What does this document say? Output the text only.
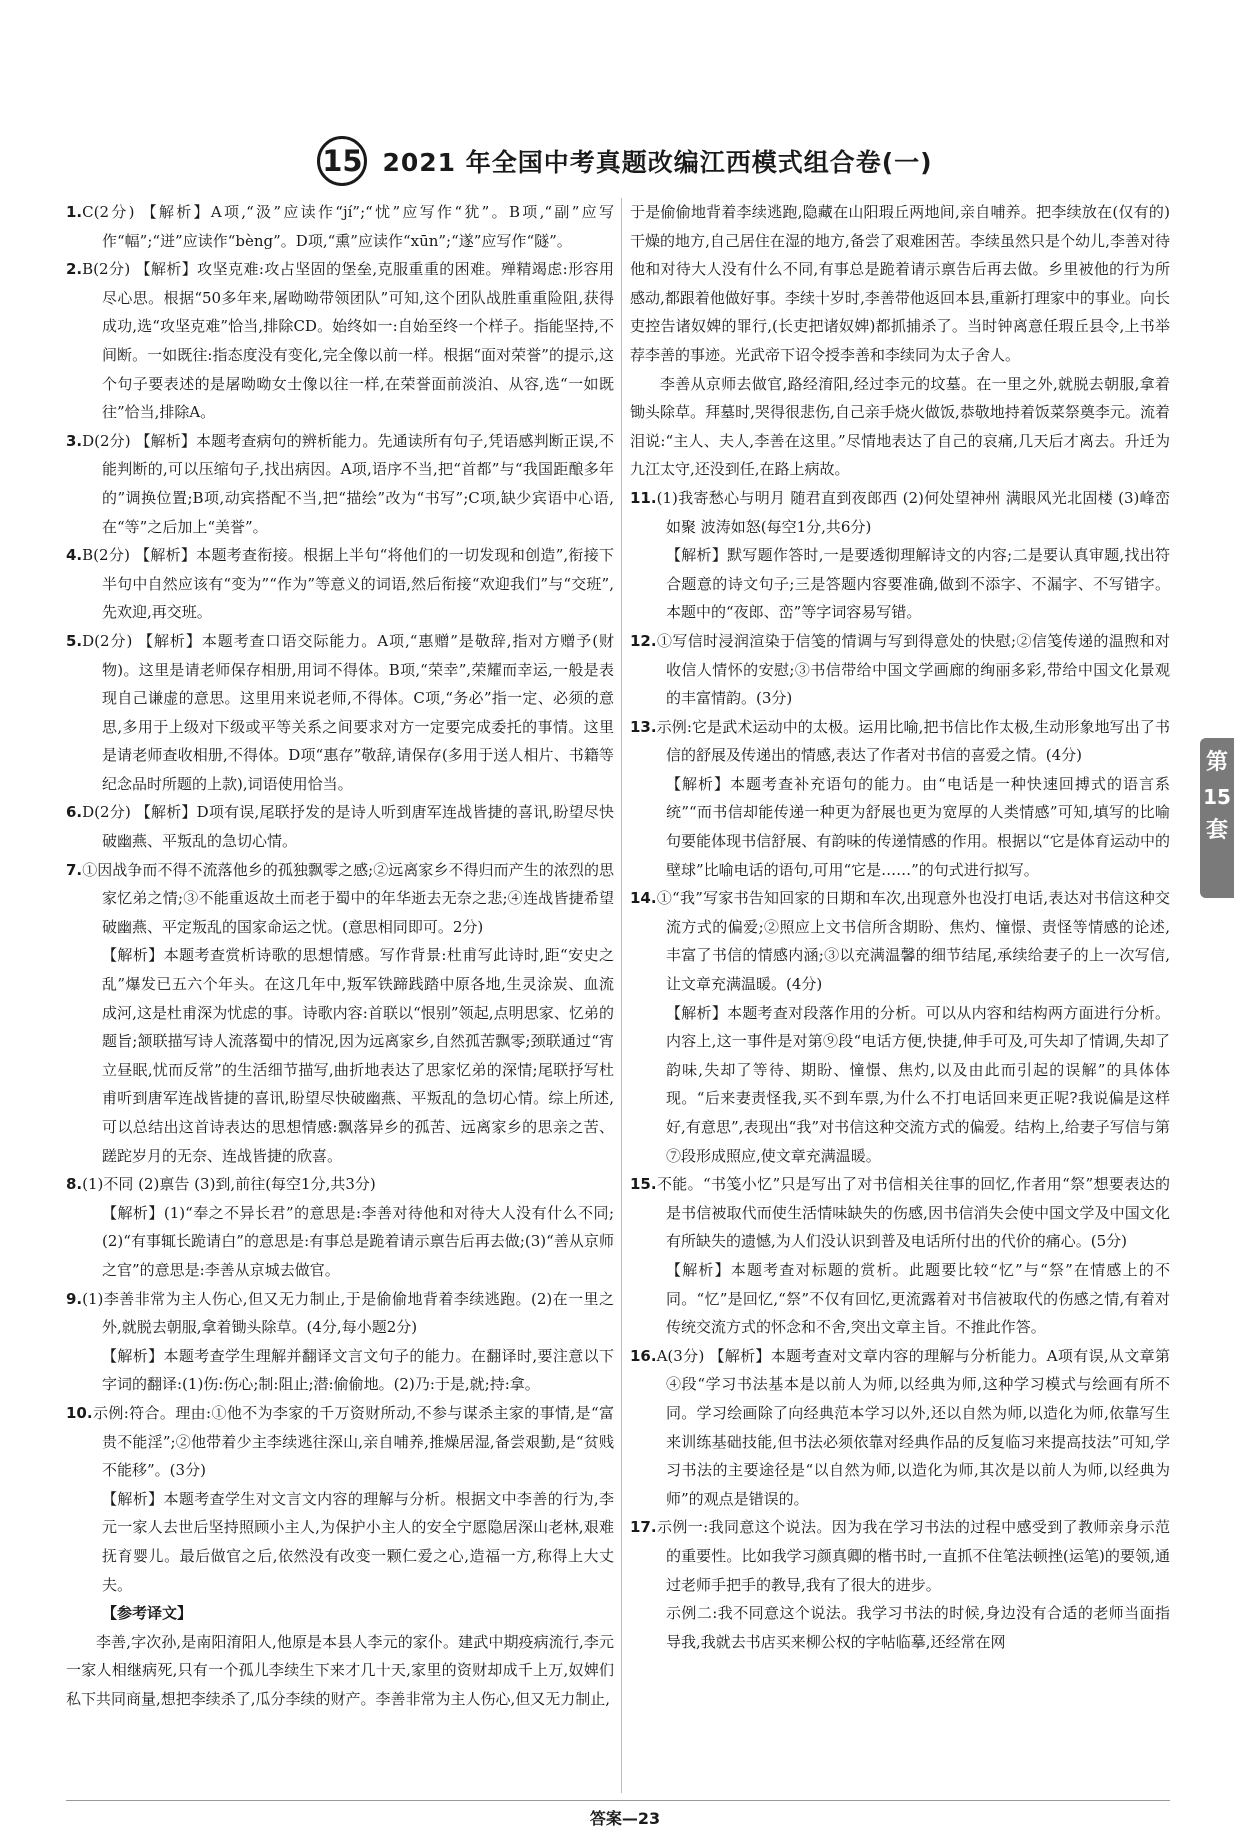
15 2021 年全国中考真题改编江西模式组合卷(一)

1.C(2分) 【解析】A项,“汲”应读作“jí”;“忧”应写作“犹”。B项,“副”应写作“幅”;“迸”应读作“bèng”。D项,“熏”应读作“xūn”;“遂”应写作“隧”。

2.B(2分) 【解析】攻坚克难:攻占坚固的堡垒,克服重重的困难。殚精竭虑:形容用尽心思。根据“50多年来,屠呦呦带领团队”可知,这个团队战胜重重险阻,获得成功,选“攻坚克难”恰当,排除CD。始终如一:自始至终一个样子。指能坚持,不间断。一如既往:指态度没有变化,完全像以前一样。根据“面对荣誉”的提示,这个句子要表述的是屠呦呦女士像以往一样,在荣誉面前淡泊、从容,选“一如既往”恰当,排除A。

3.D(2分) 【解析】本题考查病句的辨析能力。先通读所有句子,凭语感判断正误,不能判断的,可以压缩句子,找出病因。A项,语序不当,把“首都”与“我国距酿多年的”调换位置;B项,动宾搭配不当,把“描绘”改为“书写”;C项,缺少宾语中心语,在“等”之后加上“美誉”。

4.B(2分) 【解析】本题考查衔接。根据上半句“将他们的一切发现和创造”,衔接下半句中自然应该有“变为”“作为”等意义的词语,然后衔接“欢迎我们”与“交班”,先欢迎,再交班。

5.D(2分) 【解析】本题考查口语交际能力。A项,“惠赠”是敬辞,指对方赠予(财物)。这里是请老师保存相册,用词不得体。B项,“荣幸”,荣耀而幸运,一般是表现自己谦虚的意思。这里用来说老师,不得体。C项,“务必”指一定、必须的意思,多用于上级对下级或平等关系之间要求对方一定要完成委托的事情。这里是请老师查收相册,不得体。D项“惠存”敬辞,请保存(多用于送人相片、书籍等纪念品时所题的上款),词语使用恰当。

6.D(2分) 【解析】D项有误,尾联抒发的是诗人听到唐军连战皆捷的喜讯,盼望尽快破幽燕、平叛乱的急切心情。

7.①因战争而不得不流落他乡的孤独飘零之感;②远离家乡不得归而产生的浓烈的思家忆弟之情;③不能重返故土而老于蜀中的年华逝去无奈之悲;④连战皆捷希望破幽燕、平定叛乱的国家命运之忧。(意思相同即可。2分)

【解析】本题考查赏析诗歌的思想情感。写作背景:杜甫写此诗时,距“安史之乱”爆发已五六个年头。在这几年中,叛军铁蹄践踏中原各地,生灵涂炭、血流成河,这是杜甫深为忧虑的事。诗歌内容:首联以“恨别”领起,点明思家、忆弟的题旨;颔联描写诗人流落蜀中的情况,因为远离家乡,自然孤苦飘零;颈联通过“宵立昼眠,忧而反常”的生活细节描写,曲折地表达了思家忆弟的深情;尾联抒写杜甫听到唐军连战皆捷的喜讯,盼望尽快破幽燕、平叛乱的急切心情。综上所述,可以总结出这首诗表达的思想情感:飘落异乡的孤苦、远离家乡的思亲之苦、蹉跎岁月的无奈、连战皆捷的欣喜。

8.(1)不同 (2)禀告 (3)到,前往(每空1分,共3分)

【解析】(1)“奉之不异长君”的意思是:李善对待他和对待大人没有什么不同;(2)“有事辄长跪请白”的意思是:有事总是跪着请示禀告后再去做;(3)“善从京师之官”的意思是:李善从京城去做官。

9.(1)李善非常为主人伤心,但又无力制止,于是偷偷地背着李续逃跑。(2)在一里之外,就脱去朝服,拿着锄头除草。(4分,每小题2分)

【解析】本题考查学生理解并翻译文言文句子的能力。在翻译时,要注意以下字词的翻译:(1)伤:伤心;制:阻止;潜:偷偷地。(2)乃:于是,就;持:拿。

10.示例:符合。理由:①他不为李家的千万资财所动,不参与谋杀主家的事情,是“富贵不能淫”;②他带着少主李续逃往深山,亲自哺养,推燥居湿,备尝艰勤,是“贫贱不能移”。(3分)

【解析】本题考查学生对文言文内容的理解与分析。根据文中李善的行为,李元一家人去世后坚持照顾小主人,为保护小主人的安全宁愿隐居深山老林,艰难抚育婴儿。最后做官之后,依然没有改变一颗仁爱之心,造福一方,称得上大丈夫。

【参考译文】

李善,字次孙,是南阳淯阳人,他原是本县人李元的家仆。建武中期疫病流行,李元一家人相继病死,只有一个孤儿李续生下来才几十天,家里的资财却成千上万,奴婢们私下共同商量,想把李续杀了,瓜分李续的财产。李善非常为主人伤心,但又无力制止,

于是偷偷地背着李续逃跑,隐藏在山阳瑕丘两地间,亲自哺养。把李续放在(仅有的)干燥的地方,自己居住在湿的地方,备尝了艰难困苦。李续虽然只是个幼儿,李善对待他和对待大人没有什么不同,有事总是跪着请示禀告后再去做。乡里被他的行为所感动,都跟着他做好事。李续十岁时,李善带他返回本县,重新打理家中的事业。向长吏控告诸奴婢的罪行,(长吏把诸奴婢)都抓捕杀了。当时钟离意任瑕丘县令,上书举荐李善的事迹。光武帝下诏令授李善和李续同为太子舍人。

李善从京师去做官,路经淯阳,经过李元的坟墓。在一里之外,就脱去朝服,拿着锄头除草。拜墓时,哭得很悲伤,自己亲手烧火做饭,恭敬地持着饭菜祭奠李元。流着泪说:“主人、夫人,李善在这里。”尽情地表达了自己的哀痛,几天后才离去。升迁为九江太守,还没到任,在路上病故。

11.(1)我寄愁心与明月 随君直到夜郎西 (2)何处望神州 满眼风光北固楼 (3)峰峦如聚 波涛如怒(每空1分,共6分)

【解析】默写题作答时,一是要透彻理解诗文的内容;二是要认真审题,找出符合题意的诗文句子;三是答题内容要准确,做到不添字、不漏字、不写错字。本题中的“夜郎、峦”等字词容易写错。

12.①写信时浸润渲染于信笺的情调与写到得意处的快慰;②信笺传递的温煦和对收信人情怀的安慰;③书信带给中国文学画廊的绚丽多彩,带给中国文化景观的丰富情韵。(3分)

13.示例:它是武术运动中的太极。运用比喻,把书信比作太极,生动形象地写出了书信的舒展及传递出的情感,表达了作者对书信的喜爱之情。(4分)

【解析】本题考查补充语句的能力。由“电话是一种快速回搏式的语言系统”“而书信却能传递一种更为舒展也更为宽厚的人类情感”可知,填写的比喻句要能体现书信舒展、有韵味的传递情感的作用。根据以“它是体育运动中的壁球”比喻电话的语句,可用“它是……”的句式进行拟写。

14.①“我”写家书告知回家的日期和车次,出现意外也没打电话,表达对书信这种交流方式的偏爱;②照应上文书信所含期盼、焦灼、憧憬、责怪等情感的论述,丰富了书信的情感内涵;③以充满温馨的细节结尾,承续给妻子的上一次写信,让文章充满温暖。(4分)

【解析】本题考查对段落作用的分析。可以从内容和结构两方面进行分析。内容上,这一事件是对第⑨段“电话方便,快捷,伸手可及,可失却了情调,失却了韵味,失却了等待、期盼、憧憬、焦灼,以及由此而引起的误解”的具体体现。“后来妻责怪我,买不到车票,为什么不打电话回来更正呢?我说偏是这样好,有意思”,表现出“我”对书信这种交流方式的偏爱。结构上,给妻子写信与第⑦段形成照应,使文章充满温暖。

15.不能。“书笺小忆”只是写出了对书信相关往事的回忆,作者用“祭”想要表达的是书信被取代而使生活情味缺失的伤感,因书信消失会使中国文学及中国文化有所缺失的遗憾,为人们没认识到普及电话所付出的代价的痛心。(5分)

【解析】本题考查对标题的赏析。此题要比较“忆”与“祭”在情感上的不同。“忆”是回忆,“祭”不仅有回忆,更流露着对书信被取代的伤感之情,有着对传统交流方式的怀念和不舍,突出文章主旨。不推此作答。

16.A(3分) 【解析】本题考查对文章内容的理解与分析能力。A项有误,从文章第④段“学习书法基本是以前人为师,以经典为师,这种学习模式与绘画有所不同。学习绘画除了向经典范本学习以外,还以自然为师,以造化为师,依靠写生来训练基础技能,但书法必须依靠对经典作品的反复临习来提高技法”可知,学习书法的主要途径是“以自然为师,以造化为师,其次是以前人为师,以经典为师”的观点是错误的。

17.示例一:我同意这个说法。因为我在学习书法的过程中感受到了教师亲身示范的重要性。比如我学习颜真卿的楷书时,一直抓不住笔法顿挫(运笔)的要领,通过老师手把手的教导,我有了很大的进步。

示例二:我不同意这个说法。我学习书法的时候,身边没有合适的老师当面指导我,我就去书店买来柳公权的字帖临摹,还经常在网

第
15
套
答案—23
